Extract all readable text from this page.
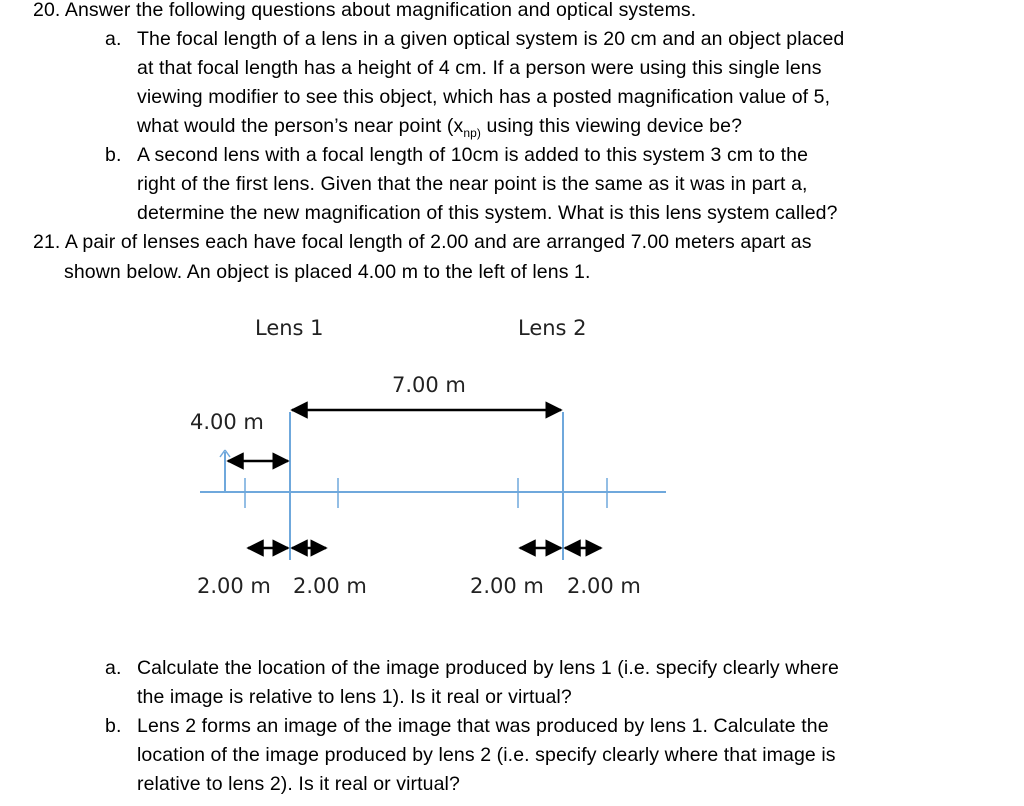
20. Answer the following questions about magnification and optical systems.
a. The focal length of a lens in a given optical system is 20 cm and an object placed
at that focal length has a height of 4 cm. If a person were using this single lens
viewing modifier to see this object, which has a posted magnification value of 5,
what would the person’s near point ($x_{np)}$ using this viewing device be?
b. A second lens with a focal length of 10cm is added to this system 3 cm to the
right of the first lens. Given that the near point is the same as it was in part a,
determine the new magnification of this system. What is this lens system called?
21. A pair of lenses each have focal length of 2.00 and are arranged 7.00 meters apart as
shown below. An object is placed 4.00 m to the left of lens 1.
Lens 1	Lens 2
7.00 m
4.00 m
2.00 m 2.00 m	2.00 m 2.00 m
a. Calculate the location of the image produced by lens 1 (i.e. specify clearly where
the image is relative to lens 1). Is it real or virtual?
b. Lens 2 forms an image of the image that was produced by lens 1. Calculate the
location of the image produced by lens 2 (i.e. specify clearly where that image is
relative to lens 2). Is it real or virtual?
